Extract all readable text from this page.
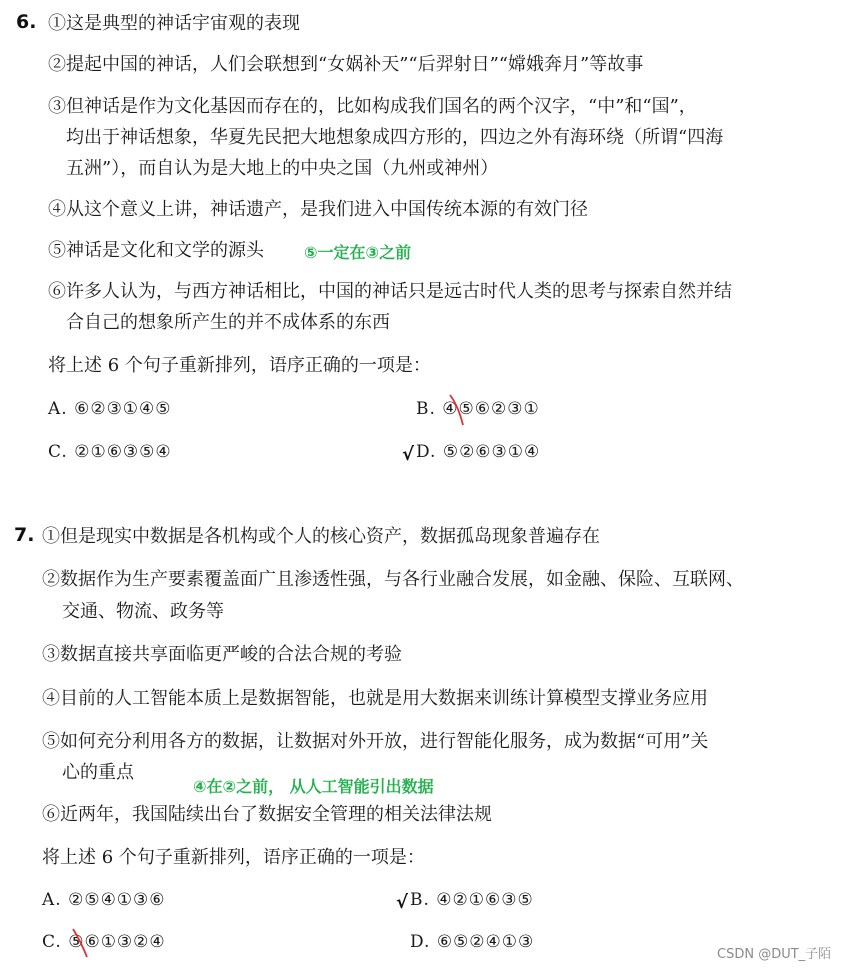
6. ①这是典型的神话宇宙观的表现
②提起中国的神话，人们会联想到“女娲补天”“后羿射日”“嫦娥奔月”等故事
③但神话是作为文化基因而存在的，比如构成我们国名的两个汉字，“中”和“国”，
均出于神话想象，华夏先民把大地想象成四方形的，四边之外有海环绕（所谓“四海
五洲”），而自认为是大地上的中央之国（九州或神州）
④从这个意义上讲，神话遗产，是我们进入中国传统本源的有效门径
⑤神话是文化和文学的源头	⑤一定在③之前
⑥许多人认为，与西方神话相比，中国的神话只是远古时代人类的思考与探索自然并结
合自己的想象所产生的并不成体系的东西
将上述 6 个句子重新排列，语序正确的一项是：
A. ⑥②③①④⑤	B. ④⑤⑥②③①
C. ②①⑥③⑤④	√ D. ⑤②⑥③①④
7. ①但是现实中数据是各机构或个人的核心资产，数据孤岛现象普遍存在
②数据作为生产要素覆盖面广且渗透性强，与各行业融合发展，如金融、保险、互联网、
交通、物流、政务等
③数据直接共享面临更严峻的合法合规的考验
④目前的人工智能本质上是数据智能，也就是用大数据来训练计算模型支撑业务应用
⑤如何充分利用各方的数据，让数据对外开放，进行智能化服务，成为数据“可用”关
心的重点
④在②之前， 从人工智能引出数据
⑥近两年，我国陆续出台了数据安全管理的相关法律法规
将上述 6 个句子重新排列，语序正确的一项是：
A. ②⑤④①③⑥	√ B. ④②①⑥③⑤
C. ⑤⑥①③②④	D. ⑥⑤②④①③
CSDN @DUT_子陌
